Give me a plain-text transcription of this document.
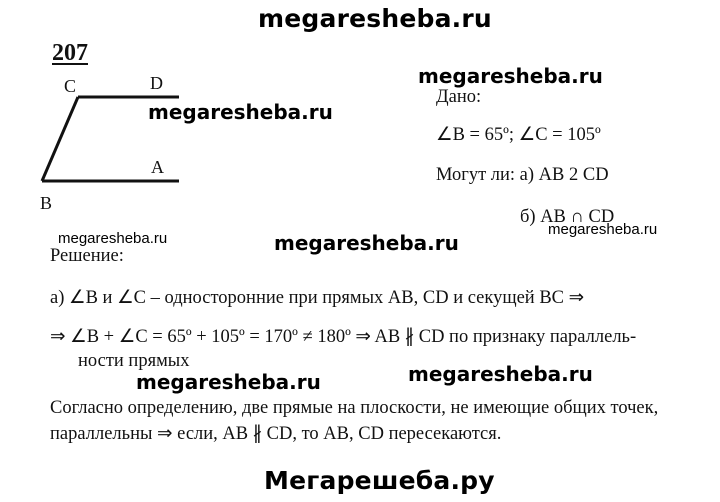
megaresheba.ru
207
C	D
A
B
Дано:
∠B = 65º; ∠C = 105º
Могут ли: а) AB 2 CD
б) AB ∩ CD
Решение:
а) ∠B и ∠C – односторонние при прямых AB, CD и секущей BC ⇒
⇒ ∠B + ∠C = 65º + 105º = 170º ≠ 180º ⇒ AB ∦ CD по признаку параллель-
ности прямых
Согласно определению, две прямые на плоскости, не имеющие общих точек,
параллельны ⇒ если, AB ∦ CD, то AB, CD пересекаются.
megaresheba.ru
megaresheba.ru
megaresheba.ru	megaresheba.ru
megaresheba.ru
megaresheba.ru	megaresheba.ru
Мегарешеба.ру
